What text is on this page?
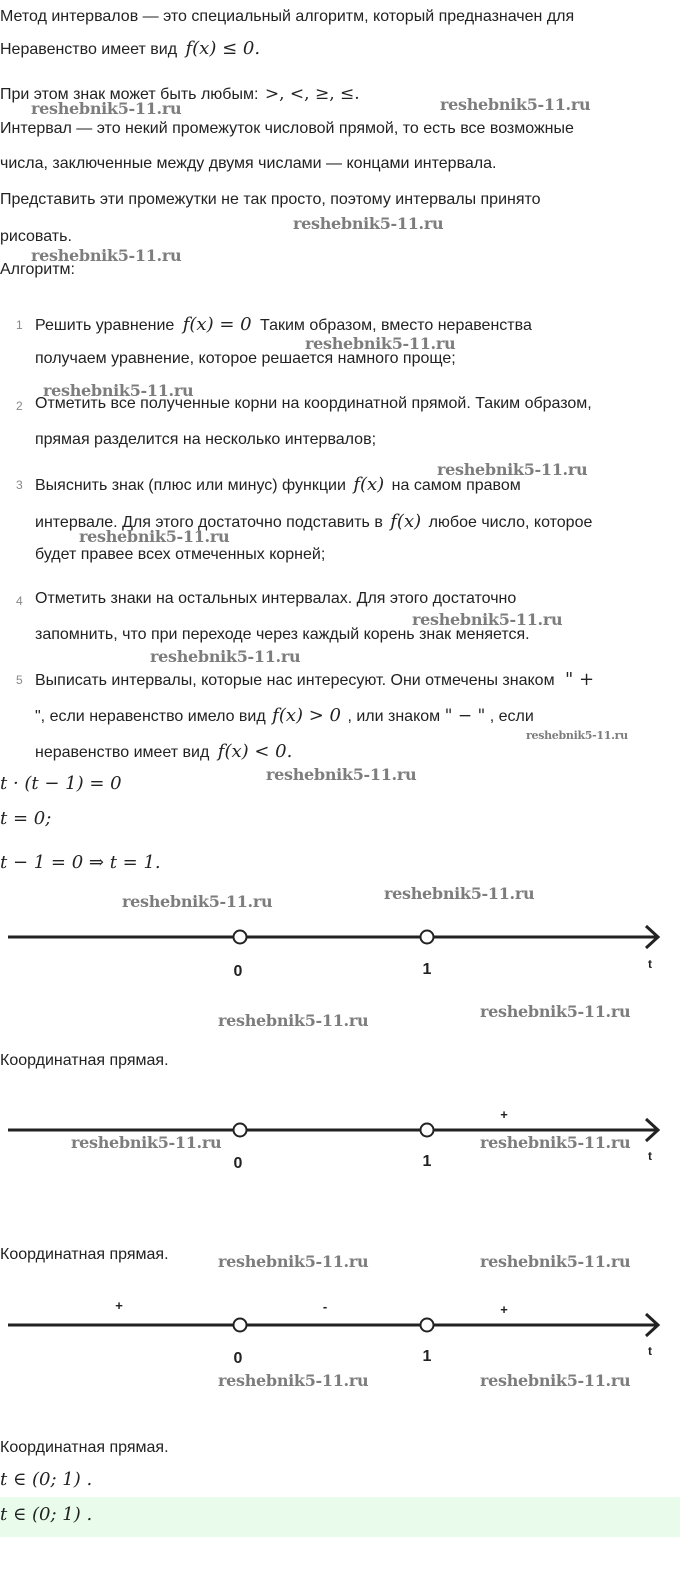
Метод интервалов — это специальный алгоритм, который предназначен для
Неравенство имеет вид f(x) ≤ 0.
При этом знак может быть любым: >, <, ≥, ≤.
Интервал — это некий промежуток числовой прямой, то есть все возможные
числа, заключенные между двумя числами — концами интервала.
Представить эти промежутки не так просто, поэтому интервалы принято
рисовать.
Алгоритм:
1 Решить уравнение f(x) = 0 Таким образом, вместо неравенства
получаем уравнение, которое решается намного проще;
2 Отметить все полученные корни на координатной прямой. Таким образом,
прямая разделится на несколько интервалов;
3 Выяснить знак (плюс или минус) функции f(x) на самом правом
интервале. Для этого достаточно подставить в f(x) любое число, которое
будет правее всех отмеченных корней;
4 Отметить знаки на остальных интервалах. Для этого достаточно
запомнить, что при переходе через каждый корень знак меняется.
5 Выписать интервалы, которые нас интересуют. Они отмечены знаком " +
", если неравенство имело вид f(x) > 0 , или знаком " − " , если
неравенство имеет вид f(x) < 0.
t · (t − 1) = 0
t = 0;
t − 1 = 0 ⇒ t = 1.
0	1	t
Координатная прямая.
+
0	1	t
Координатная прямая.
+	-	+
0	1	t
Координатная прямая.
t ∈ (0; 1) .
t ∈ (0; 1) .
reshebnik5-11.ru	reshebnik5-11.ru
reshebnik5-11.ru
reshebnik5-11.ru
reshebnik5-11.ru
reshebnik5-11.ru
reshebnik5-11.ru
reshebnik5-11.ru
reshebnik5-11.ru
reshebnik5-11.ru
reshebnik5-11.ru
reshebnik5-11.ru
reshebnik5-11.ru
reshebnik5-11.ru
reshebnik5-11.ru
reshebnik5-11.ru
reshebnik5-11.ru	reshebnik5-11.ru
reshebnik5-11.ru	reshebnik5-11.ru
reshebnik5-11.ru	reshebnik5-11.ru
